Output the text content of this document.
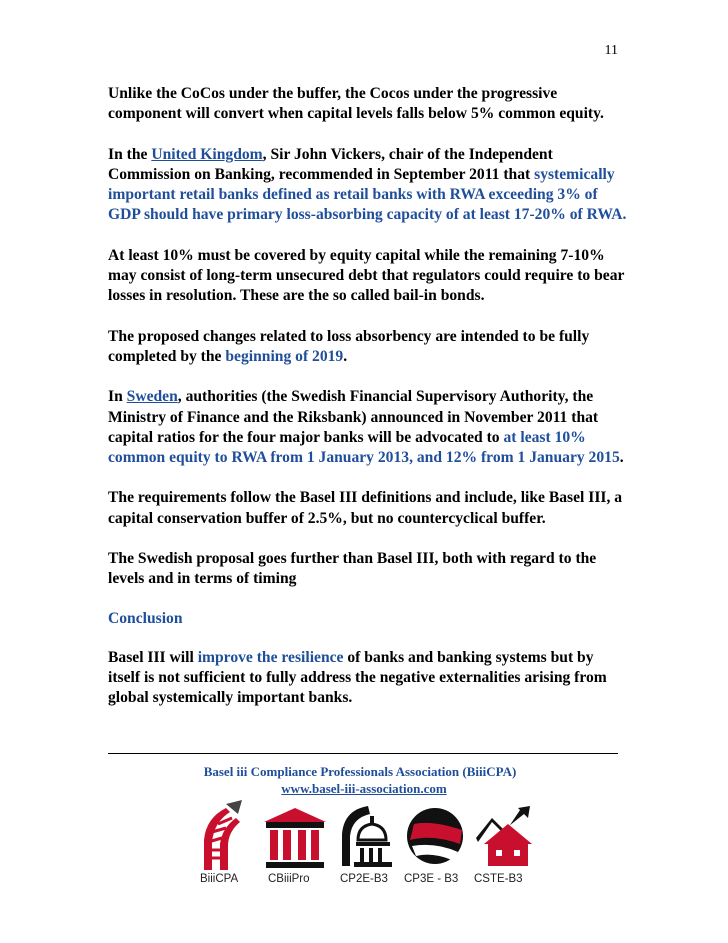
11

Unlike the CoCos under the buffer, the Cocos under the progressive component will convert when capital levels falls below 5% common equity.

In the United Kingdom, Sir John Vickers, chair of the Independent Commission on Banking, recommended in September 2011 that systemically important retail banks defined as retail banks with RWA exceeding 3% of GDP should have primary loss-absorbing capacity of at least 17-20% of RWA.

At least 10% must be covered by equity capital while the remaining 7-10% may consist of long-term unsecured debt that regulators could require to bear losses in resolution. These are the so called bail-in bonds.

The proposed changes related to loss absorbency are intended to be fully completed by the beginning of 2019.

In Sweden, authorities (the Swedish Financial Supervisory Authority, the Ministry of Finance and the Riksbank) announced in November 2011 that capital ratios for the four major banks will be advocated to at least 10% common equity to RWA from 1 January 2013, and 12% from 1 January 2015.

The requirements follow the Basel III definitions and include, like Basel III, a capital conservation buffer of 2.5%, but no countercyclical buffer.

The Swedish proposal goes further than Basel III, both with regard to the levels and in terms of timing

Conclusion

Basel III will improve the resilience of banks and banking systems but by itself is not sufficient to fully address the negative externalities arising from global systemically important banks.

Basel iii Compliance Professionals Association (BiiiCPA)
www.basel-iii-association.com
BiiiCPA	CBiiiPro	CP2E-B3 CP3E - B3 CSTE-B3
